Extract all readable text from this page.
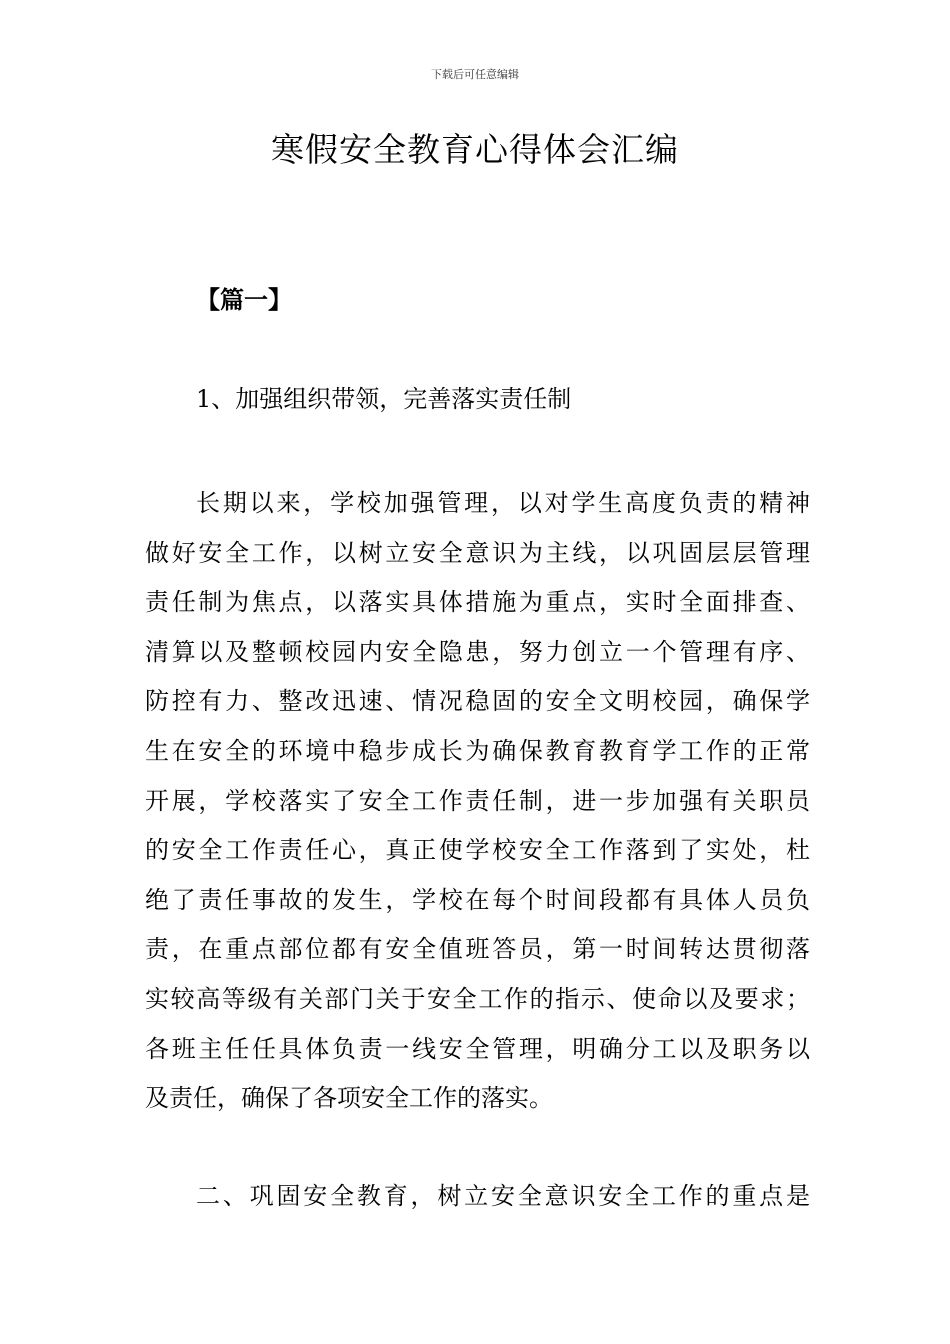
下载后可任意编辑
寒假安全教育心得体会汇编
【篇一】
1、加强组织带领，完善落实责任制
长期以来，学校加强管理，以对学生高度负责的精神
做好安全工作，以树立安全意识为主线，以巩固层层管理
责任制为焦点，以落实具体措施为重点，实时全面排查、
清算以及整顿校园内安全隐患，努力创立一个管理有序、
防控有力、整改迅速、情况稳固的安全文明校园，确保学
生在安全的环境中稳步成长为确保教育教育学工作的正常
开展，学校落实了安全工作责任制，进一步加强有关职员
的安全工作责任心，真正使学校安全工作落到了实处，杜
绝了责任事故的发生，学校在每个时间段都有具体人员负
责，在重点部位都有安全值班答员，第一时间转达贯彻落
实较高等级有关部门关于安全工作的指示、使命以及要求；
各班主任任具体负责一线安全管理，明确分工以及职务以
及责任，确保了各项安全工作的落实。
二、巩固安全教育，树立安全意识安全工作的重点是
